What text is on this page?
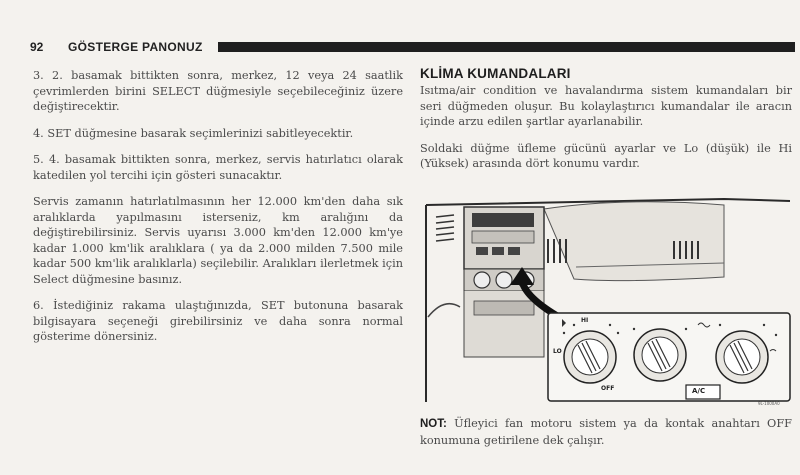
92 GÖSTERGE PANONUZ

3. 2. basamak bittikten sonra, merkez, 12 veya 24 saatlik çevrimlerden birini SELECT düğmesiyle seçebileceğiniz üzere değiştirecektir.

4. SET düğmesine basarak seçimlerinizi sabitleyecektir.

5. 4. basamak bittikten sonra, merkez, servis hatırlatıcı olarak katedilen yol tercihi için gösteri sunacaktır.

Servis zamanın hatırlatılmasının her 12.000 km'den daha sık aralıklarda yapılmasını isterseniz, km aralığını da değiştirebilirsiniz. Servis uyarısı 3.000 km'den 12.000 km'ye kadar 1.000 km'lik aralıklara ( ya da 2.000 milden 7.500 mile kadar 500 km'lik aralıklarla) seçilebilir. Aralıkları ilerletmek için Select düğmesine basınız.

6. İstediğiniz rakama ulaştığınızda, SET butonuna basarak bilgisayara seçeneği girebilirsiniz ve daha sonra normal gösterime dönersiniz.

KLİMA KUMANDALARI

Isıtma/air condition ve havalandırma sistem kumandaları bir seri düğmeden oluşur. Bu kolaylaştırıcı kumandalar ile aracın içinde arzu edilen şartlar ayarlanabilir.

Soldaki düğme üfleme gücünü ayarlar ve Lo (düşük) ile Hi (Yüksek) arasında dört konumu vardır.

HI
LO
OFF	A/C
9L-1000A0

NOT: Üfleyici fan motoru sistem ya da kontak anahtarı OFF konumuna getirilene dek çalışır.
